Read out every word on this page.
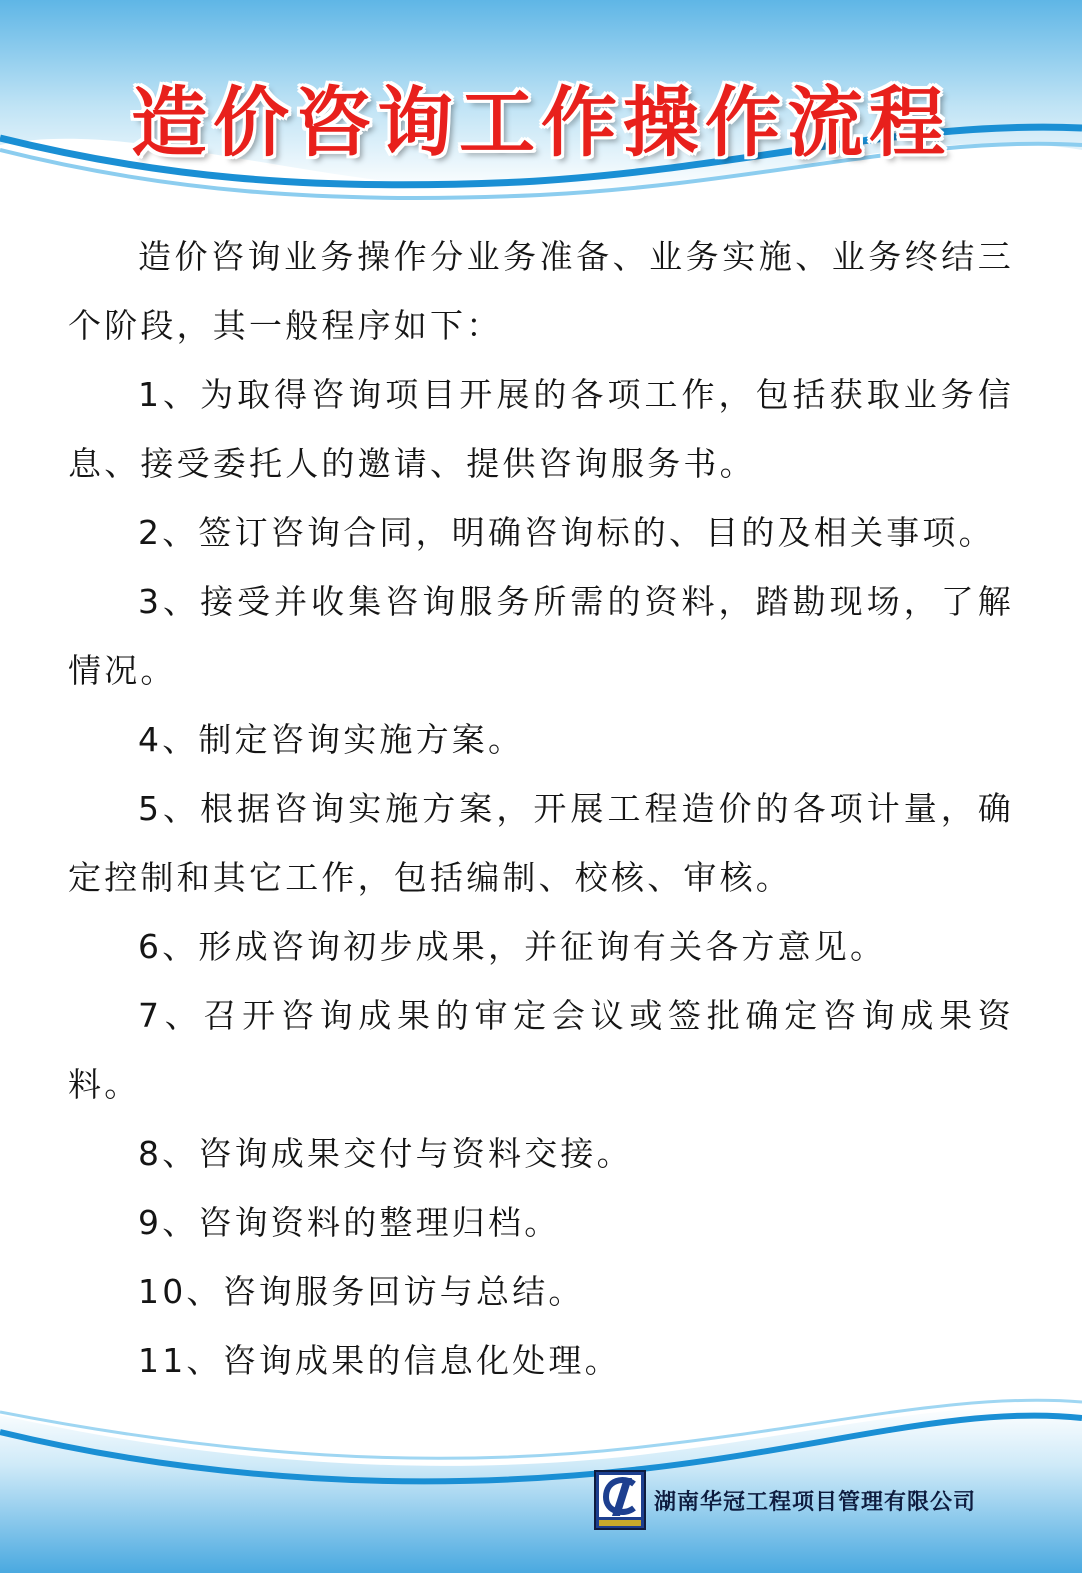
造价咨询工作操作流程

造价咨询业务操作分业务准备、业务实施、业务终结三个阶段，其一般程序如下：

1、为取得咨询项目开展的各项工作，包括获取业务信息、接受委托人的邀请、提供咨询服务书。

2、签订咨询合同，明确咨询标的、目的及相关事项。

3、接受并收集咨询服务所需的资料，踏勘现场，了解情况。

4、制定咨询实施方案。

5、根据咨询实施方案，开展工程造价的各项计量，确定控制和其它工作，包括编制、校核、审核。

6、形成咨询初步成果，并征询有关各方意见。

7、召开咨询成果的审定会议或签批确定咨询成果资料。

8、咨询成果交付与资料交接。

9、咨询资料的整理归档。

10、咨询服务回访与总结。

11、咨询成果的信息化处理。

湖南华冠工程项目管理有限公司
